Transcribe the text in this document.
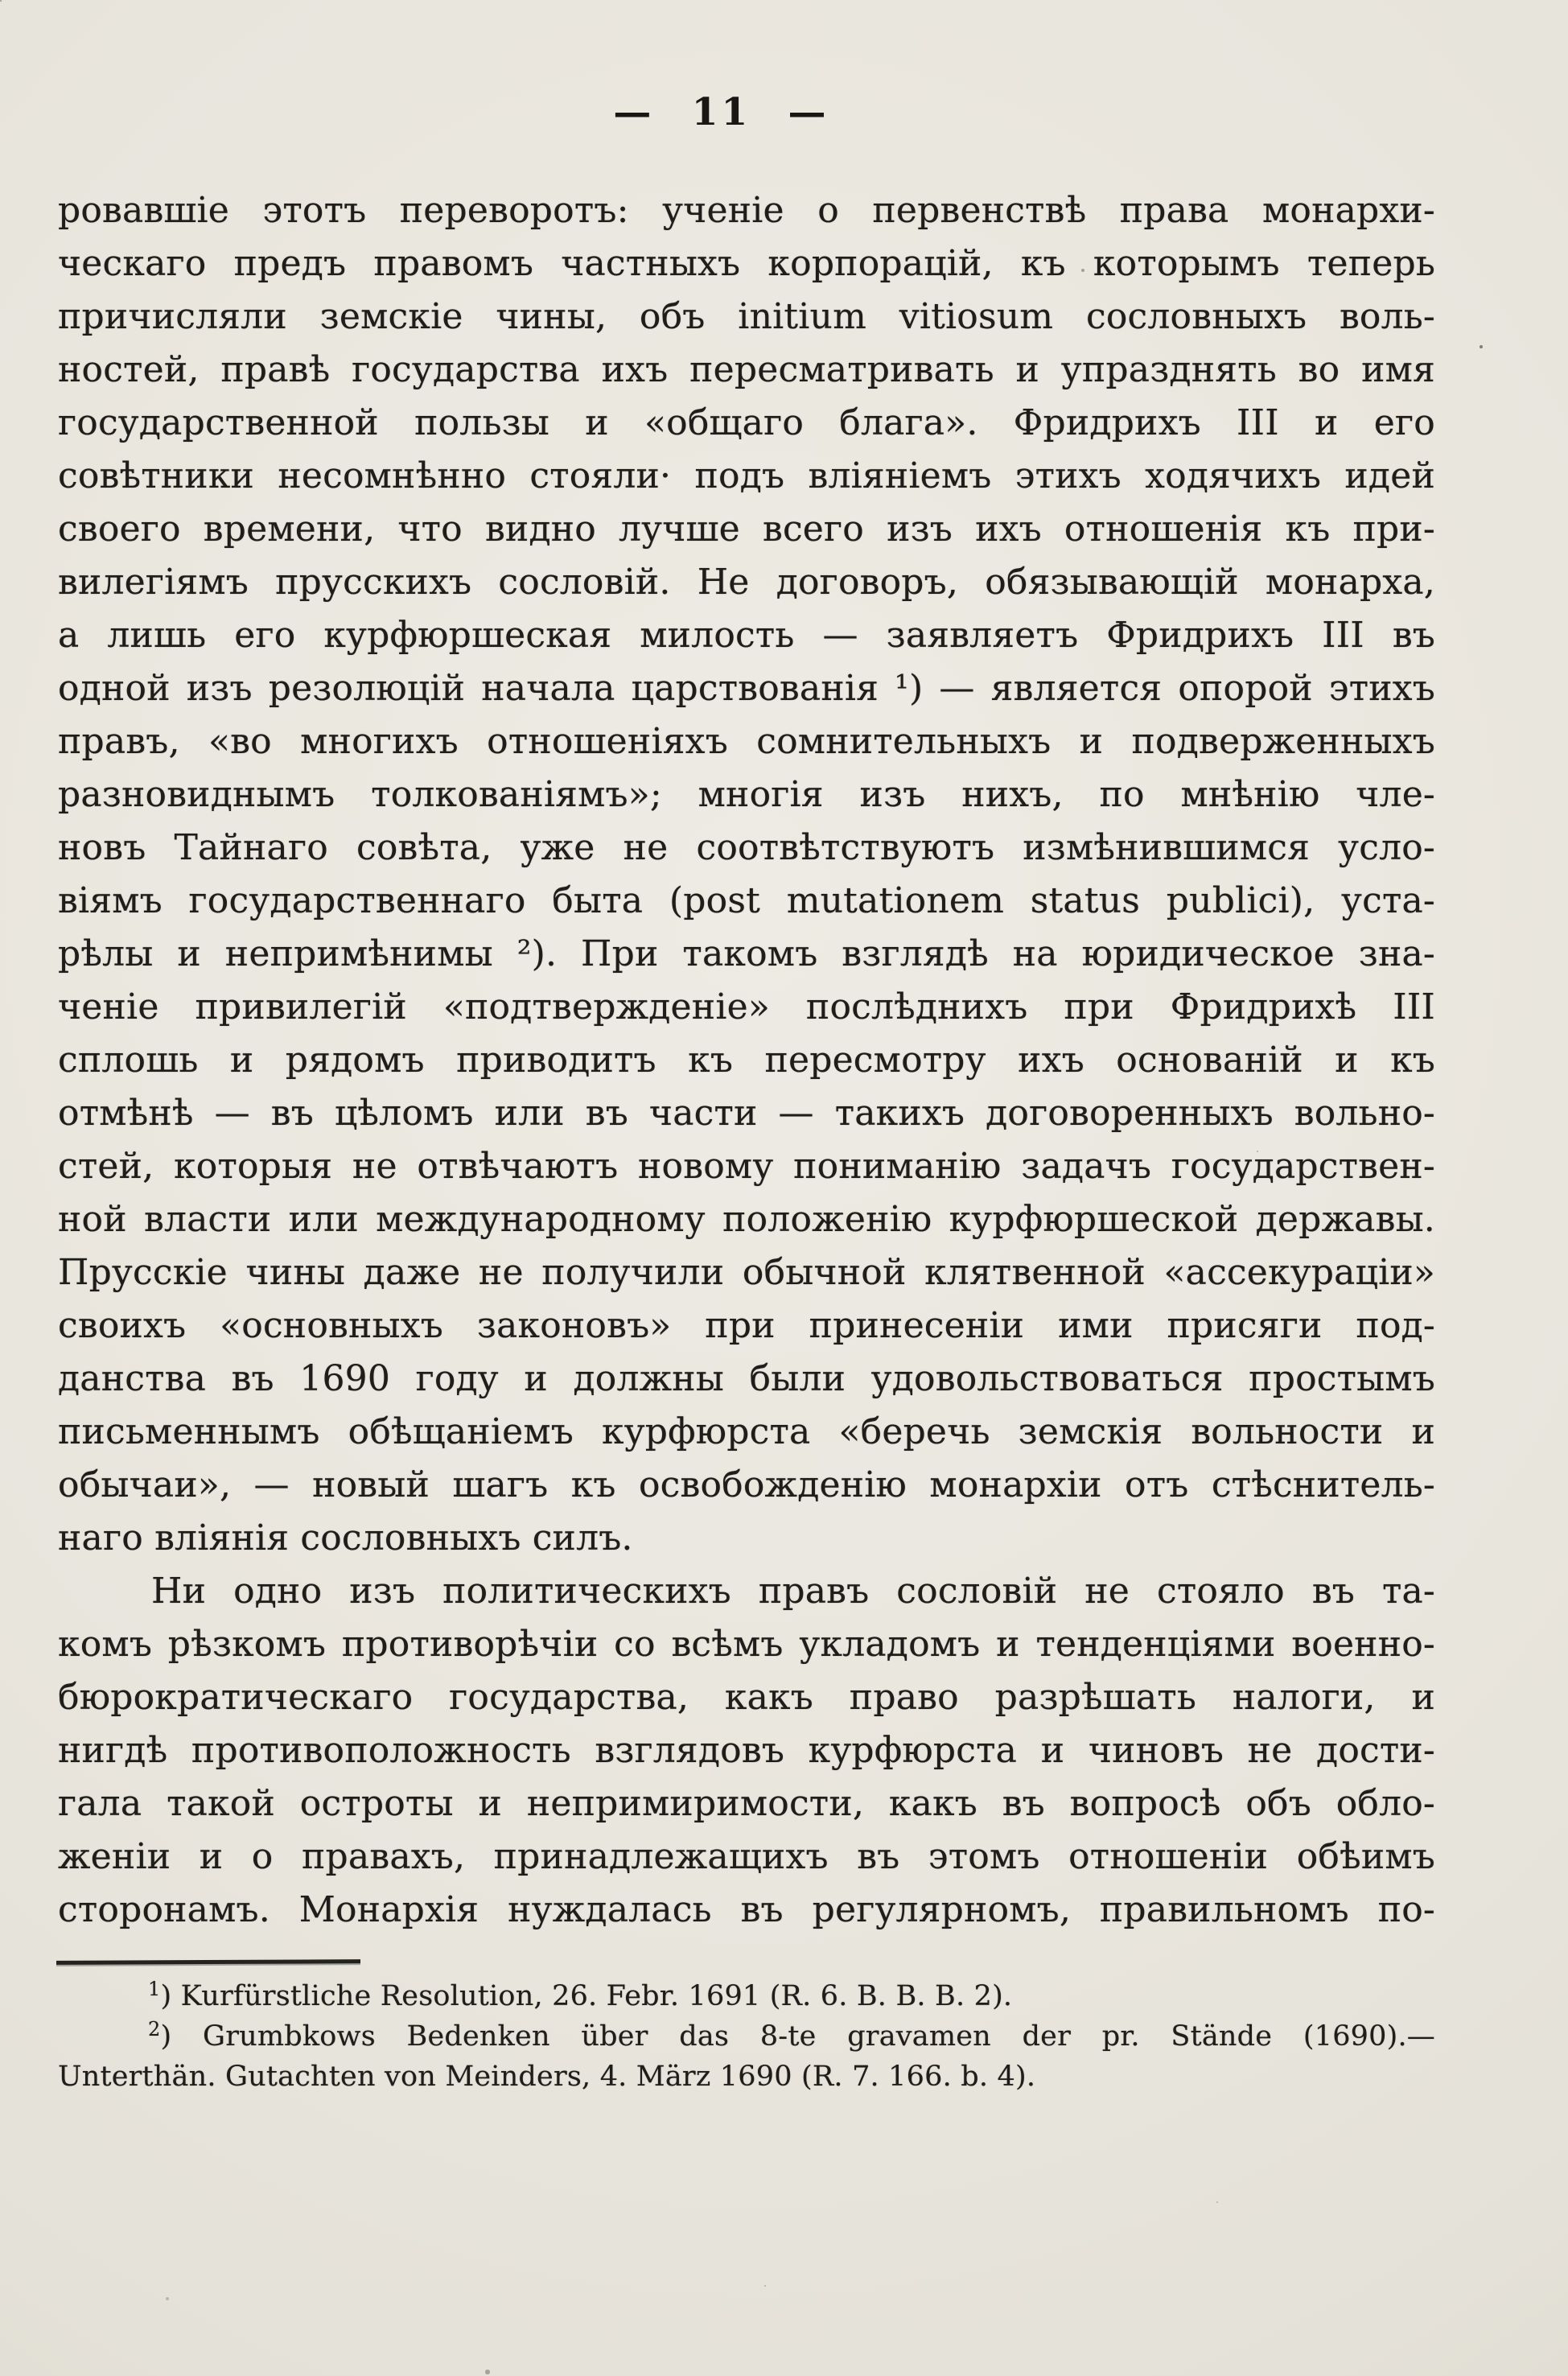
— 11 —
ровавшіе этотъ переворотъ: ученіе о первенствѣ права монархи-
ческаго предъ правомъ частныхъ корпорацій, къ которымъ теперь
причисляли земскіе чины, объ initium vitiosum сословныхъ воль-
ностей, правѣ государства ихъ пересматривать и упразднять во имя
государственной пользы и «общаго блага». Фридрихъ III и его
совѣтники несомнѣнно стояли· подъ вліяніемъ этихъ ходячихъ идей
своего времени, что видно лучше всего изъ ихъ отношенія къ при-
вилегіямъ прусскихъ сословій. Не договоръ, обязывающій монарха,
а лишь его курфюршеская милость — заявляетъ Фридрихъ III въ
одной изъ резолюцій начала царствованія ¹) — является опорой этихъ
правъ, «во многихъ отношеніяхъ сомнительныхъ и подверженныхъ
разновиднымъ толкованіямъ»; многія изъ нихъ, по мнѣнію чле-
новъ Тайнаго совѣта, уже не соотвѣтствуютъ измѣнившимся усло-
віямъ государственнаго быта (post mutationem status publici), уста-
рѣлы и непримѣнимы ²). При такомъ взглядѣ на юридическое зна-
ченіе привилегій «подтвержденіе» послѣднихъ при Фридрихѣ III
сплошь и рядомъ приводитъ къ пересмотру ихъ основаній и къ
отмѣнѣ — въ цѣломъ или въ части — такихъ договоренныхъ вольно-
стей, которыя не отвѣчаютъ новому пониманію задачъ государствен-
ной власти или международному положенію курфюршеской державы.
Прусскіе чины даже не получили обычной клятвенной «ассекураціи»
своихъ «основныхъ законовъ» при принесеніи ими присяги под-
данства въ 1690 году и должны были удовольствоваться простымъ
письменнымъ обѣщаніемъ курфюрста «беречь земскія вольности и
обычаи», — новый шагъ къ освобожденію монархіи отъ стѣснитель-
наго вліянія сословныхъ силъ.
Ни одно изъ политическихъ правъ сословій не стояло въ та-
комъ рѣзкомъ противорѣчіи со всѣмъ укладомъ и тенденціями военно-
бюрократическаго государства, какъ право разрѣшать налоги, и
нигдѣ противоположность взглядовъ курфюрста и чиновъ не дости-
гала такой остроты и непримиримости, какъ въ вопросѣ объ обло-
женіи и о правахъ, принадлежащихъ въ этомъ отношеніи обѣимъ
сторонамъ. Монархія нуждалась въ регулярномъ, правильномъ по-
$^1$) Kurfürstliche Resolution, 26. Febr. 1691 (R. 6. B. B. B. 2).
$^2$) Grumbkows Bedenken über das 8-te gravamen der pr. Stände (1690).—
Unterthän. Gutachten von Meinders, 4. März 1690 (R. 7. 166. b. 4).
